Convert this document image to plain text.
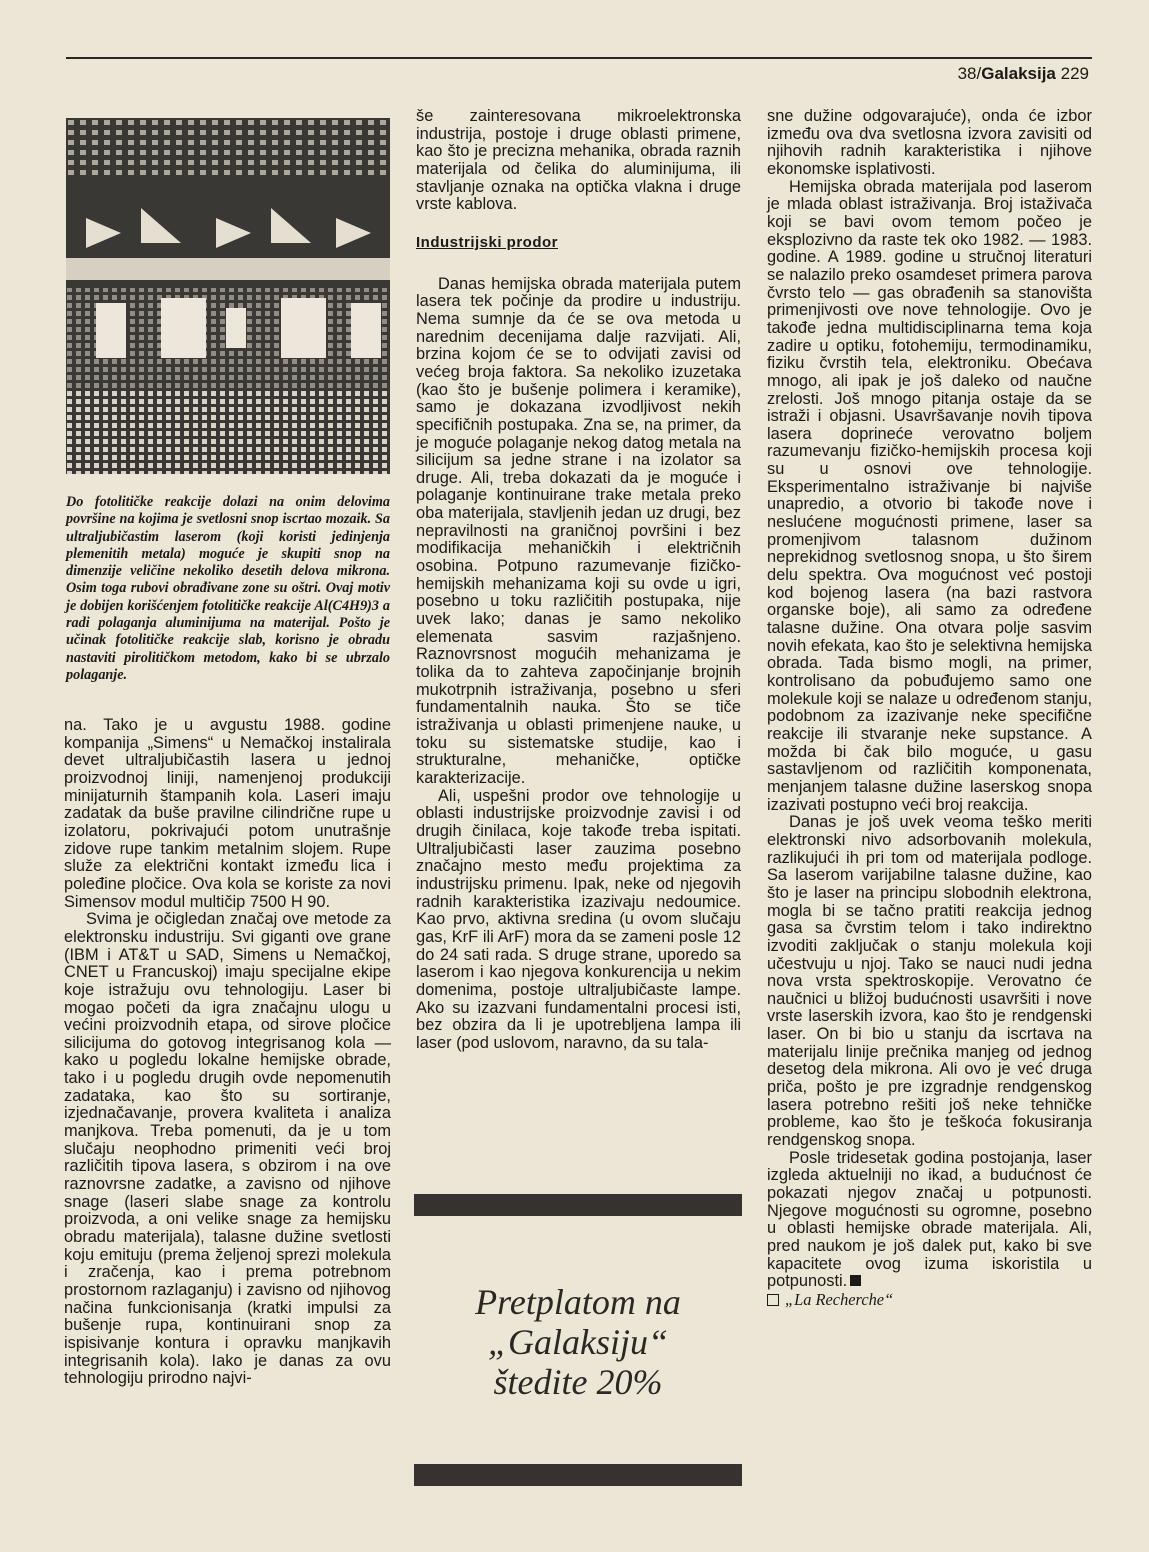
38/Galaksija 229
Do fotolitičke reakcije dolazi na onim delovima površine na kojima je svetlosni snop iscrtao mozaik. Sa ultraljubičastim laserom (koji koristi jedinjenja plemenitih metala) moguće je skupiti snop na dimenzije veličine nekoliko desetih delova mikrona. Osim toga rubovi obrađivane zone su oštri. Ovaj motiv je dobijen korišćenjem fotolitičke reakcije Al(C4H9)3 a radi polaganja aluminijuma na materijal. Pošto je učinak fotolitičke reakcije slab, korisno je obradu nastaviti pirolitičkom metodom, kako bi se ubrzalo polaganje.

na. Tako je u avgustu 1988. godine kompanija „Simens“ u Nemačkoj instalirala devet ultraljubičastih lasera u jednoj proizvodnoj liniji, namenjenoj produkciji minijaturnih štampanih kola. Laseri imaju zadatak da buše pravilne cilindrične rupe u izolatoru, pokrivajući potom unutrašnje zidove rupe tankim metalnim slojem. Rupe služe za električni kontakt između lica i poleđine pločice. Ova kola se koriste za novi Simensov modul multičip 7500 H 90.

Svima je očigledan značaj ove metode za elektronsku industriju. Svi giganti ove grane (IBM i AT&T u SAD, Simens u Nemačkoj, CNET u Francuskoj) imaju specijalne ekipe koje istražuju ovu tehnologiju. Laser bi mogao početi da igra značajnu ulogu u većini proizvodnih etapa, od sirove pločice silicijuma do gotovog integrisanog kola — kako u pogledu lokalne hemijske obrade, tako i u pogledu drugih ovde nepomenutih zadataka, kao što su sortiranje, izjednačavanje, provera kvaliteta i analiza manjkova. Treba pomenuti, da je u tom slučaju neophodno primeniti veći broj različitih tipova lasera, s obzirom i na ove raznovrsne zadatke, a zavisno od njihove snage (laseri slabe snage za kontrolu proizvoda, a oni velike snage za hemijsku obradu materijala), talasne dužine svetlosti koju emituju (prema željenoj sprezi molekula i zračenja, kao i prema potrebnom prostornom razlaganju) i zavisno od njihovog načina funkcionisanja (kratki impulsi za bušenje rupa, kontinuirani snop za ispisivanje kontura i opravku manjkavih integrisanih kola). Iako je danas za ovu tehnologiju prirodno najvi-

še zainteresovana mikroelektronska industrija, postoje i druge oblasti primene, kao što je precizna mehanika, obrada raznih materijala od čelika do aluminijuma, ili stavljanje oznaka na optička vlakna i druge vrste kablova.

Industrijski prodor

Danas hemijska obrada materijala putem lasera tek počinje da prodire u industriju. Nema sumnje da će se ova metoda u narednim decenijama dalje razvijati. Ali, brzina kojom će se to odvijati zavisi od većeg broja faktora. Sa nekoliko izuzetaka (kao što je bušenje polimera i keramike), samo je dokazana izvodljivost nekih specifičnih postupaka. Zna se, na primer, da je moguće polaganje nekog datog metala na silicijum sa jedne strane i na izolator sa druge. Ali, treba dokazati da je moguće i polaganje kontinuirane trake metala preko oba materijala, stavljenih jedan uz drugi, bez nepravilnosti na graničnoj površini i bez modifikacija mehaničkih i električnih osobina. Potpuno razumevanje fizičko-hemijskih mehanizama koji su ovde u igri, posebno u toku različitih postupaka, nije uvek lako; danas je samo nekoliko elemenata sasvim razjašnjeno. Raznovrsnost mogućih mehanizama je tolika da to zahteva započinjanje brojnih mukotrpnih istraživanja, posebno u sferi fundamentalnih nauka. Što se tiče istraživanja u oblasti primenjene nauke, u toku su sistematske studije, kao i strukturalne, mehaničke, optičke karakterizacije.

Ali, uspešni prodor ove tehnologije u oblasti industrijske proizvodnje zavisi i od drugih činilaca, koje takođe treba ispitati. Ultraljubičasti laser zauzima posebno značajno mesto među projektima za industrijsku primenu. Ipak, neke od njegovih radnih karakteristika izazivaju nedoumice. Kao prvo, aktivna sredina (u ovom slučaju gas, KrF ili ArF) mora da se zameni posle 12 do 24 sati rada. S druge strane, uporedo sa laserom i kao njegova konkurencija u nekim domenima, postoje ultraljubičaste lampe. Ako su izazvani fundamentalni procesi isti, bez obzira da li je upotrebljena lampa ili laser (pod uslovom, naravno, da su tala-

Pretplatom na
„Galaksiju“
štedite 20%

sne dužine odgovarajuće), onda će izbor između ova dva svetlosna izvora zavisiti od njihovih radnih karakteristika i njihove ekonomske isplativosti.

Hemijska obrada materijala pod laserom je mlada oblast istraživanja. Broj istaživača koji se bavi ovom temom počeo je eksplozivno da raste tek oko 1982. — 1983. godine. A 1989. godine u stručnoj literaturi se nalazilo preko osamdeset primera parova čvrsto telo — gas obrađenih sa stanovišta primenjivosti ove nove tehnologije. Ovo je takođe jedna multidisciplinarna tema koja zadire u optiku, fotohemiju, termodinamiku, fiziku čvrstih tela, elektroniku. Obećava mnogo, ali ipak je još daleko od naučne zrelosti. Još mnogo pitanja ostaje da se istraži i objasni. Usavršavanje novih tipova lasera doprineće verovatno boljem razumevanju fizičko-hemijskih procesa koji su u osnovi ove tehnologije. Eksperimentalno istraživanje bi najviše unapredio, a otvorio bi takođe nove i neslućene mogućnosti primene, laser sa promenjivom talasnom dužinom neprekidnog svetlosnog snopa, u što širem delu spektra. Ova mogućnost već postoji kod bojenog lasera (na bazi rastvora organske boje), ali samo za određene talasne dužine. Ona otvara polje sasvim novih efekata, kao što je selektivna hemijska obrada. Tada bismo mogli, na primer, kontrolisano da pobuđujemo samo one molekule koji se nalaze u određenom stanju, podobnom za izazivanje neke specifične reakcije ili stvaranje neke supstance. A možda bi čak bilo moguće, u gasu sastavljenom od različitih komponenata, menjanjem talasne dužine laserskog snopa izazivati postupno veći broj reakcija.

Danas je još uvek veoma teško meriti elektronski nivo adsorbovanih molekula, razlikujući ih pri tom od materijala podloge. Sa laserom varijabilne talasne dužine, kao što je laser na principu slobodnih elektrona, mogla bi se tačno pratiti reakcija jednog gasa sa čvrstim telom i tako indirektno izvoditi zaključak o stanju molekula koji učestvuju u njoj. Tako se nauci nudi jedna nova vrsta spektroskopije. Verovatno će naučnici u bližoj budućnosti usavršiti i nove vrste laserskih izvora, kao što je rendgenski laser. On bi bio u stanju da iscrtava na materijalu linije prečnika manjeg od jednog desetog dela mikrona. Ali ovo je već druga priča, pošto je pre izgradnje rendgenskog lasera potrebno rešiti još neke tehničke probleme, kao što je teškoća fokusiranja rendgenskog snopa.

Posle tridesetak godina postojanja, laser izgleda aktuelniji no ikad, a budućnost će pokazati njegov značaj u potpunosti. Njegove mogućnosti su ogromne, posebno u oblasti hemijske obrade materijala. Ali, pred naukom je još dalek put, kako bi sve kapacitete ovog izuma iskoristila u potpunosti.

„La Recherche“
